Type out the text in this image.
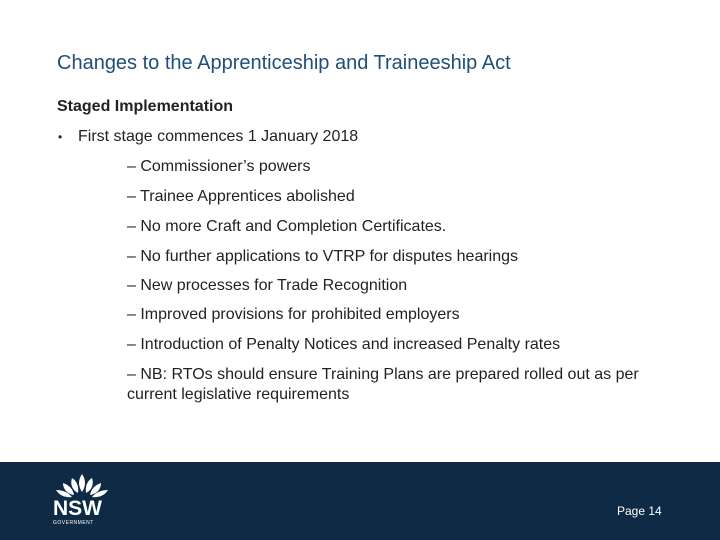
Changes to the Apprenticeship and Traineeship Act
Staged Implementation
• First stage commences 1 January 2018
– Commissioner’s powers
– Trainee Apprentices abolished
– No more Craft and Completion Certificates.
– No further applications to VTRP for disputes hearings
– New processes for Trade Recognition
– Improved provisions for prohibited employers
– Introduction of Penalty Notices and increased Penalty rates
– NB: RTOs should ensure Training Plans are prepared rolled out as per current legislative requirements
NSW
GOVERNMENT
Page 14
